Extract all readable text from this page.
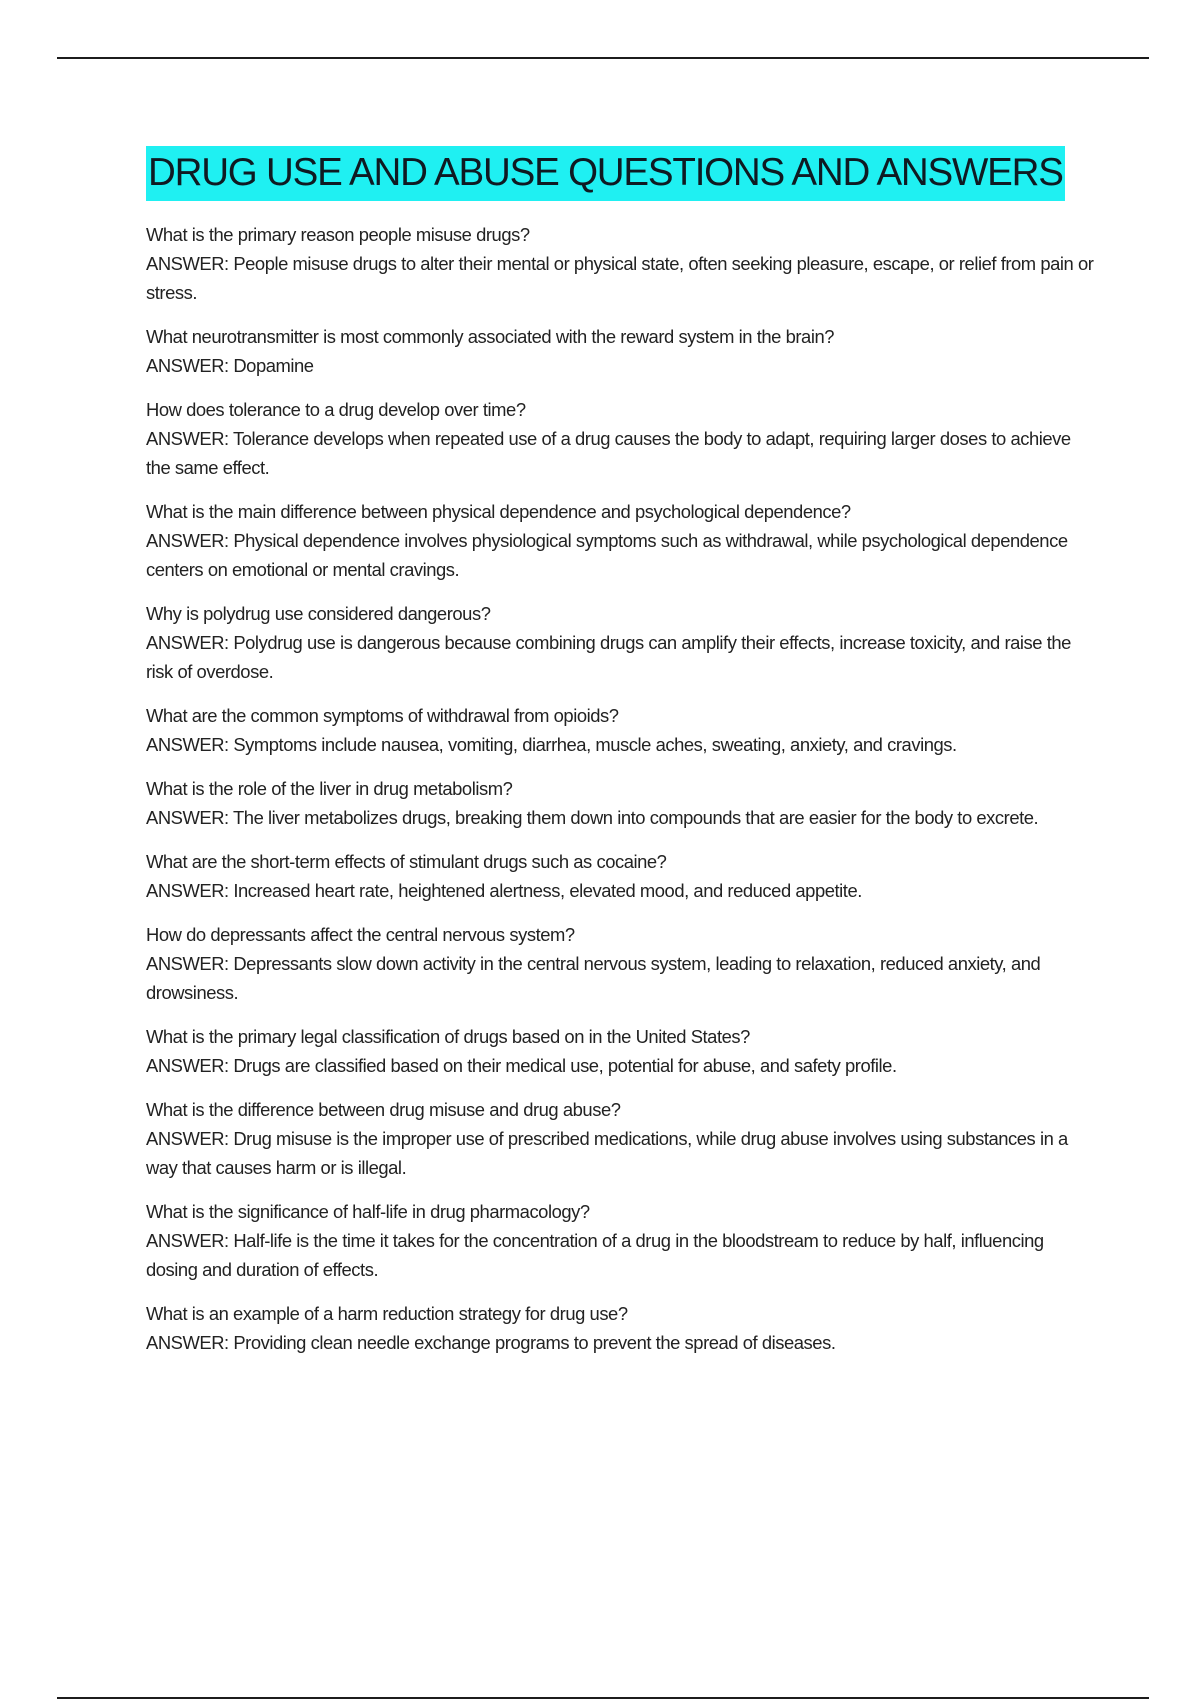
DRUG USE AND ABUSE QUESTIONS AND ANSWERS

What is the primary reason people misuse drugs?

ANSWER: People misuse drugs to alter their mental or physical state, often seeking pleasure, escape, or relief from pain or stress.

What neurotransmitter is most commonly associated with the reward system in the brain?

ANSWER: Dopamine

How does tolerance to a drug develop over time?

ANSWER: Tolerance develops when repeated use of a drug causes the body to adapt, requiring larger doses to achieve the same effect.

What is the main difference between physical dependence and psychological dependence?

ANSWER: Physical dependence involves physiological symptoms such as withdrawal, while psychological dependence centers on emotional or mental cravings.

Why is polydrug use considered dangerous?

ANSWER: Polydrug use is dangerous because combining drugs can amplify their effects, increase toxicity, and raise the risk of overdose.

What are the common symptoms of withdrawal from opioids?

ANSWER: Symptoms include nausea, vomiting, diarrhea, muscle aches, sweating, anxiety, and cravings.

What is the role of the liver in drug metabolism?

ANSWER: The liver metabolizes drugs, breaking them down into compounds that are easier for the body to excrete.

What are the short-term effects of stimulant drugs such as cocaine?

ANSWER: Increased heart rate, heightened alertness, elevated mood, and reduced appetite.

How do depressants affect the central nervous system?

ANSWER: Depressants slow down activity in the central nervous system, leading to relaxation, reduced anxiety, and drowsiness.

What is the primary legal classification of drugs based on in the United States?

ANSWER: Drugs are classified based on their medical use, potential for abuse, and safety profile.

What is the difference between drug misuse and drug abuse?

ANSWER: Drug misuse is the improper use of prescribed medications, while drug abuse involves using substances in a way that causes harm or is illegal.

What is the significance of half-life in drug pharmacology?

ANSWER: Half-life is the time it takes for the concentration of a drug in the bloodstream to reduce by half, influencing dosing and duration of effects.

What is an example of a harm reduction strategy for drug use?

ANSWER: Providing clean needle exchange programs to prevent the spread of diseases.
